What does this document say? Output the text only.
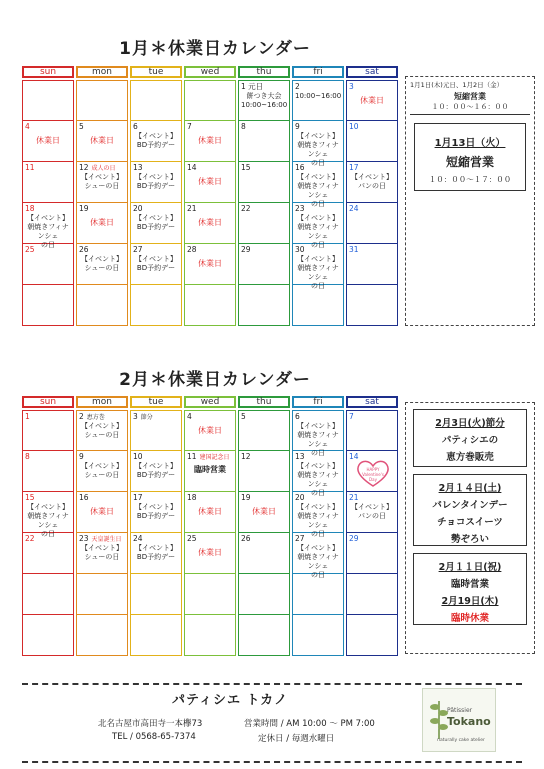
1月＊休業日カレンダー
sun
4
休業日
11
18
【イベント】
朝焼きフィナンシェ
の日
25
mon
5
休業日
12 成人の日
【イベント】
シューの日
19
休業日
26
【イベント】
シューの日
tue
6
【イベント】
BD予約デー
13
【イベント】
BD予約デー
20
【イベント】
BD予約デー
27
【イベント】
BD予約デー
wed
7
休業日
14
休業日
21
休業日
28
休業日
thu
1 元日
餅つき大会
10:00~16:00
8
15
22
29
fri
2
10:00~16:00
9
【イベント】
朝焼きフィナンシェ
の日
16
【イベント】
朝焼きフィナンシェ
の日
23
【イベント】
朝焼きフィナンシェ
の日
30
【イベント】
朝焼きフィナンシェ
の日
sat
3
休業日
10
17
【イベント】
パンの日
24
31
1月1日(木)元日、1月2日（金）
短縮営業
１０：００～１６：００
1月13日（火）
短縮営業
１０：００～１７：００
2月＊休業日カレンダー
sun
1
8
15
【イベント】
朝焼きフィナンシェ
の日
22
mon
2 恵方巻
【イベント】
シューの日
9
【イベント】
シューの日
16
休業日
23 天皇誕生日
【イベント】
シューの日
tue
3 節分
10
【イベント】
BD予約デー
17
【イベント】
BD予約デー
24
【イベント】
BD予約デー
wed
4
休業日
11 建国記念日
臨時営業
18
休業日
25
休業日
thu
5
12
19
休業日
26
fri
6
【イベント】
朝焼きフィナンシェ
の日
13
【イベント】
朝焼きフィナンシェ
の日
20
【イベント】
朝焼きフィナンシェ
の日
27
【イベント】
朝焼きフィナンシェ
の日
sat
7
14
HAPPY Valentine's Day
21
【イベント】
パンの日
29
2月3日(火)節分
パティシエの
恵方巻販売
2月１４日(土)
バレンタインデー
チョコスイーツ
勢ぞろい
2月１１日(祝)
臨時営業
2月19日(木)
臨時休業
パティシエ トカノ
北名古屋市高田寺一本欅73	営業時間 / AM 10:00 ～ PM 7:00
TEL / 0568-65-7374	定休日 / 毎週水曜日
Pâtissier
Tokano
naturally cake atelier
